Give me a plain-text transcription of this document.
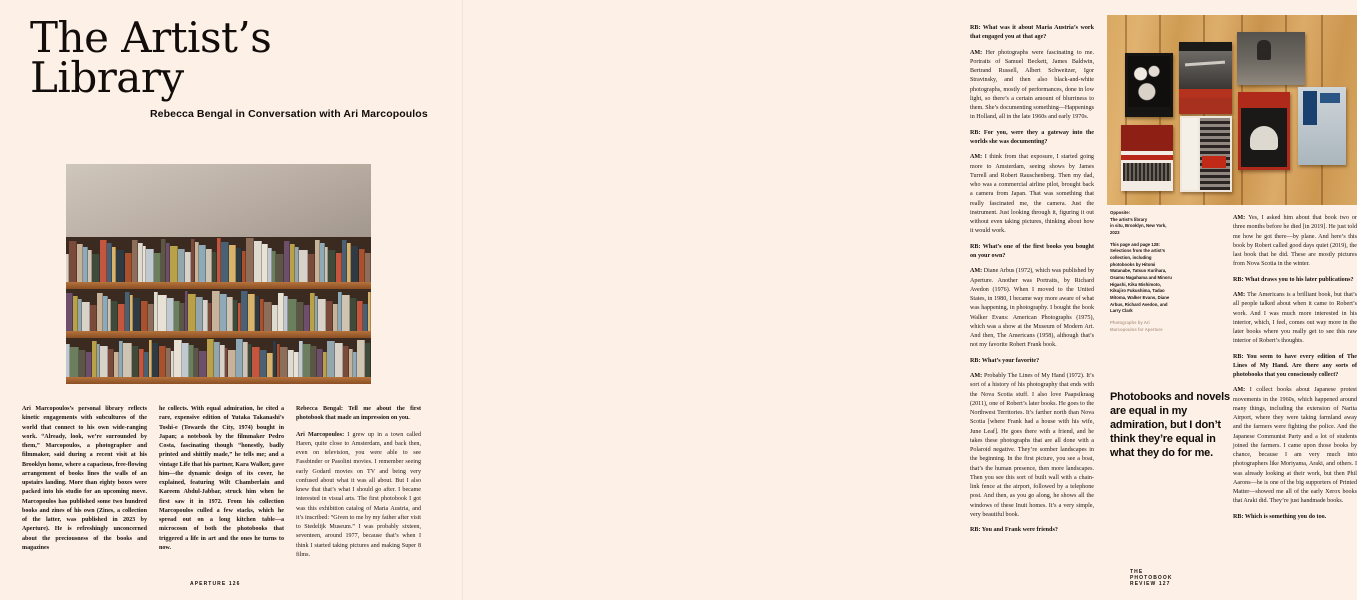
The Artist’s
Library
Rebecca Bengal in Conversation with Ari Marcopoulos

Ari Marcopoulos’s personal library reflects kinetic engagements with subcultures of the world that connect to his own wide-ranging work. “Already, look, we’re surrounded by them,” Marcopoulos, a photographer and filmmaker, said during a recent visit at his Brooklyn home, where a capacious, free-flowing arrangement of books lines the walls of an upstairs landing. More than eighty boxes were packed into his studio for an upcoming move. Marcopoulos has published some two hundred books and zines of his own (Zines, a collection of the latter, was published in 2023 by Aperture). He is refreshingly unconcerned about the preciousness of the books and magazines

he collects. With equal admiration, he cited a rare, expensive edition of Yutaka Takanashi’s Toshi-e (Towards the City, 1974) bought in Japan; a notebook by the filmmaker Pedro Costa, fascinating though “honestly, badly printed and shittily made,” he tells me; and a vintage Life that his partner, Kara Walker, gave him—the dynamic design of its cover, he explained, featuring Wilt Chamberlain and Kareem Abdul-Jabbar, struck him when he first saw it in 1972. From his collection Marcopoulos culled a few stacks, which he spread out on a long kitchen table—a microcosm of both the photobooks that triggered a life in art and the ones he turns to now.

Rebecca Bengal: Tell me about the first photobook that made an impression on you.

Ari Marcopoulos: I grew up in a town called Haren, quite close to Amsterdam, and back then, even on television, you were able to see Fassbinder or Pasolini movies. I remember seeing early Godard movies on TV and being very confused about what it was all about. But I also knew that that’s what I should go after. I became interested in visual arts. The first photobook I got was this exhibition catalog of Maria Austria, and it’s inscribed: “Given to me by my father after visit to Stedelijk Museum.” I was probably sixteen, seventeen, around 1977, because that’s when I think I started taking pictures and making Super 8 films.

APERTURE 126

RB: What was it about Maria Austria’s work that engaged you at that age?

AM: Her photographs were fascinating to me. Portraits of Samuel Beckett, James Baldwin, Bertrand Russell, Albert Schweitzer, Igor Stravinsky, and then also black-and-white photographs, mostly of performances, done in low light, so there’s a certain amount of blurriness to them. She’s documenting something—Happenings in Holland, all in the late 1960s and early 1970s.

RB: For you, were they a gateway into the worlds she was documenting?

AM: I think from that exposure, I started going more to Amsterdam, seeing shows by James Turrell and Robert Rauschenberg. Then my dad, who was a commercial airline pilot, brought back a camera from Japan. That was something that really fascinated me, the camera. Just the instrument. Just looking through it, figuring it out without even taking pictures, thinking about how it would work.

RB: What’s one of the first books you bought on your own?

AM: Diane Arbus (1972), which was published by Aperture. Another was Portraits, by Richard Avedon (1976). When I moved to the United States, in 1980, I became way more aware of what was happening, in photography. I bought the book Walker Evans: American Photographs (1975), which was a show at the Museum of Modern Art. And then, The Americans (1958), although that’s not my favorite Robert Frank book.

RB: What’s your favorite?

AM: Probably The Lines of My Hand (1972). It’s sort of a history of his photography that ends with the Nova Scotia stuff. I also love Paapsikraag (2011), one of Robert’s later books. He goes to the Northwest Territories. It’s farther north than Nova Scotia [where Frank had a house with his wife, June Leaf]. He goes there with a friend, and he takes these photographs that are all done with a Polaroid negative. They’re somber landscapes in the beginning. In the first picture, you see a boat, that’s the human presence, then more landscapes. Then you see this sort of built wall with a chain-link fence at the airport, followed by a telephone post. And then, as you go along, he shows all the windows of these Inuit homes. It’s a very simple, very beautiful book.

RB: You and Frank were friends?

Opposite:
The artist’s library
in situ, Brooklyn, New York, 2023

This page and page 128: Selections from the artist’s collection, including photobooks by Hitomi Watanabe, Tatsuo Kurihara, Osamu Nagahama and Minoru Higashi, Kiku Mishimoto, Kikujiro Fukushima, Tadao Mitoma, Walker Evans, Diane Arbus, Richard Avedon, and Larry Clark

Photographs by Ari Marcopoulos for Aperture

Photobooks and novels are equal in my admiration, but I don’t think they’re equal in what they do for me.

AM: Yes, I asked him about that book two or three months before he died [in 2019]. He just told me how he got there—by plane. And here’s this book by Robert called good days quiet (2019), the last book that he did. These are mostly pictures from Nova Scotia in the winter.

RB: What draws you to his later publications?

AM: The Americans is a brilliant book, but that’s all people talked about when it came to Robert’s work. And I was much more interested in his interior, which, I feel, comes out way more in the later books where you really get to see this raw interior of Robert’s thoughts.

RB: You seem to have every edition of The Lines of My Hand. Are there any sorts of photobooks that you consciously collect?

AM: I collect books about Japanese protest movements in the 1960s, which happened around many things, including the extension of Narita Airport, where they were taking farmland away and the farmers were fighting the police. And the Japanese Communist Party and a lot of students joined the farmers. I came upon those books by chance, because I am very much into photographers like Moriyama, Araki, and others. I was already looking at their work, but then Phil Aarons—he is one of the big supporters of Printed Matter—showed me all of the early Xerox books that Araki did. They’re just handmade books.

RB: Which is something you do too.

THE PHOTOBOOK REVIEW 127
